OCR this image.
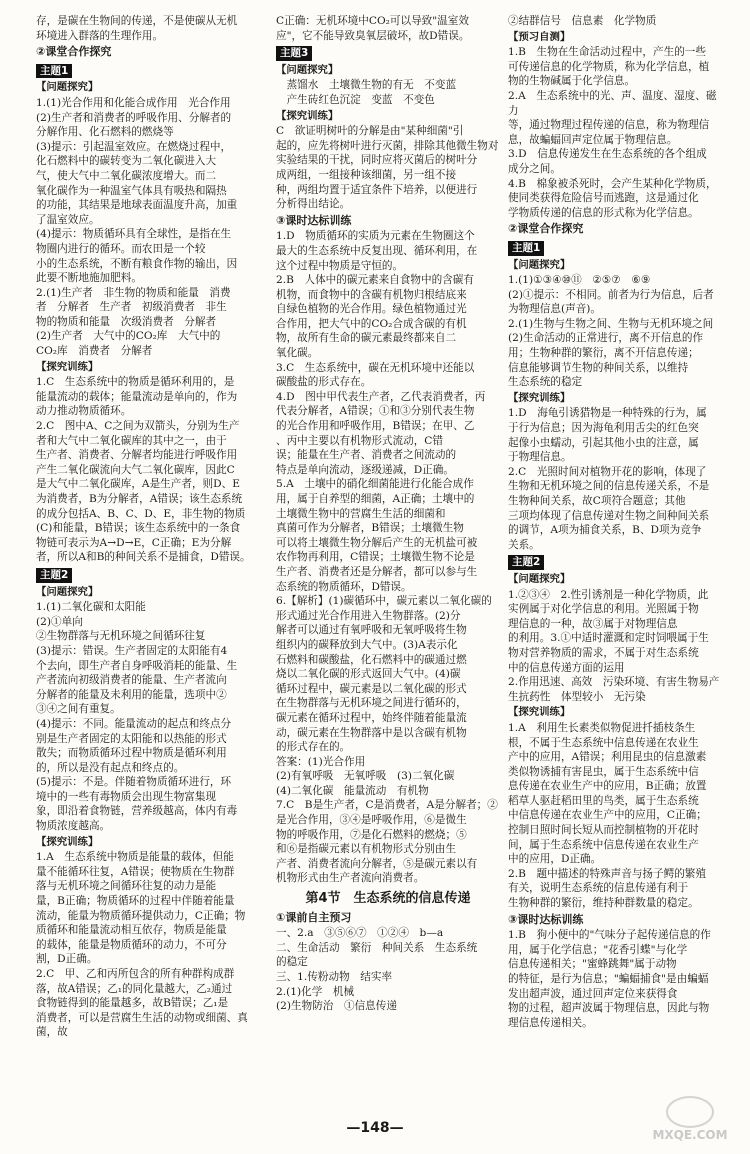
存，是碳在生物间的传递，不是使碳从无机
环境进入群落的生理作用。
②课堂合作探究
主题1
【问题探究】
1.(1)光合作用和化能合成作用　光合作用
(2)生产者和消费者的呼吸作用、分解者的
分解作用、化石燃料的燃烧等
(3)提示：引起温室效应。在燃烧过程中，
化石燃料中的碳转变为二氧化碳进入大
气，使大气中二氧化碳浓度增大。而二
氧化碳作为一种温室气体具有吸热和隔热
的功能，其结果是地球表面温度升高，加重
了温室效应。
(4)提示：物质循环具有全球性，是指在生
物圈内进行的循环。而农田是一个较
小的生态系统，不断有粮食作物的输出，因
此要不断地施加肥料。
2.(1)生产者　非生物的物质和能量　消费
者　分解者　生产者　初级消费者　非生
物的物质和能量　次级消费者　分解者
(2)生产者　大气中的CO₂库　大气中的
CO₂库　消费者　分解者
【探究训练】
1.C　生态系统中的物质是循环利用的，是
能量流动的载体；能量流动是单向的，作为
动力推动物质循环。
2.C　图中A、C之间为双箭头，分别为生产
者和大气中二氧化碳库的其中之一，由于
生产者、消费者、分解者均能进行呼吸作用
产生二氧化碳流向大气二氧化碳库，因此C
是大气中二氧化碳库，A是生产者，则D、E
为消费者，B为分解者，A错误；该生态系统
的成分包括A、B、C、D、E，非生物的物质
(C)和能量，B错误；该生态系统中的一条食
物链可表示为A→D→E，C正确；E为分解
者，所以A和B的种间关系不是捕食，D错误。
主题2
【问题探究】
1.(1)二氧化碳和太阳能
(2)①单向
②生物群落与无机环境之间循环往复
(3)提示：错误。生产者固定的太阳能有4
个去向，即生产者自身呼吸消耗的能量、生
产者流向初级消费者的能量、生产者流向
分解者的能量及未利用的能量，选项中②
③④之间有重复。
(4)提示：不同。能量流动的起点和终点分
别是生产者固定的太阳能和以热能的形式
散失；而物质循环过程中物质是循环利用
的，所以是没有起点和终点的。
(5)提示：不是。伴随着物质循环进行，环
境中的一些有毒物质会出现生物富集现
象，即沿着食物链，营养级越高，体内有毒
物质浓度越高。
【探究训练】
1.A　生态系统中物质是能量的载体，但能
量不能循环往复，A错误；使物质在生物群
落与无机环境之间循环往复的动力是能
量，B正确；物质循环的过程中伴随着能量
流动，能量为物质循环提供动力，C正确；物
质循环和能量流动相互依存，物质是能量
的载体，能量是物质循环的动力，不可分
割，D正确。
2.C　甲、乙和丙所包含的所有种群构成群
落，故A错误；乙₁的同化量越大，乙₂通过
食物链得到的能量越多，故B错误；乙₁是
消费者，可以是营腐生生活的动物或细菌、真菌，故
C正确：无机环境中CO₂可以导致"温室效
应"，它不能导致臭氧层破坏，故D错误。
主题3
【问题探究】
　蒸馏水　土壤微生物的有无　不变蓝
　产生砖红色沉淀　变蓝　不变色
【探究训练】
C　欲证明树叶的分解是由"某种细菌"引
起的，应先将树叶进行灭菌，排除其他微生物对
实验结果的干扰，同时应将灭菌后的树叶分
成两组，一组接种该细菌，另一组不接
种，两组均置于适宜条件下培养，以便进行
分析得出结论。
③课时达标训练
1.D　物质循环的实质为元素在生物圈这个
最大的生态系统中反复出现、循环利用，在
这个过程中物质是守恒的。
2.B　人体中的碳元素来自食物中的含碳有
机物，而食物中的含碳有机物归根结底来
自绿色植物的光合作用。绿色植物通过光
合作用，把大气中的CO₂合成含碳的有机
物，故所有生命的碳元素最终都来自二
氧化碳。
3.C　生态系统中，碳在无机环境中还能以
碳酸盐的形式存在。
4.D　图中甲代表生产者，乙代表消费者，丙
代表分解者，A错误；①和③分别代表生物
的光合作用和呼吸作用，B错误；在甲、乙
、丙中主要以有机物形式流动，C错
误；能量在生产者、消费者之间流动的
特点是单向流动，逐级递减，D正确。
5.A　土壤中的硝化细菌能进行化能合成作
用，属于自养型的细菌，A正确；土壤中的
土壤微生物中的营腐生生活的细菌和
真菌可作为分解者，B错误；土壤微生物
可以将土壤微生物分解后产生的无机盐可被
农作物再利用，C错误；土壤微生物不论是
生产者、消费者还是分解者，都可以参与生
态系统的物质循环，D错误。
6.【解析】(1)碳循环中，碳元素以二氧化碳的
形式通过光合作用进入生物群落。(2)分
解者可以通过有氧呼吸和无氧呼吸将生物
组织内的碳释放到大气中。(3)A表示化
石燃料和碳酸盐，化石燃料中的碳通过燃
烧以二氧化碳的形式返回大气中。(4)碳
循环过程中，碳元素是以二氧化碳的形式
在生物群落与无机环境之间进行循环的，
碳元素在循环过程中，始终伴随着能量流
动，碳元素在生物群落中是以含碳有机物
的形式存在的。
答案：(1)光合作用
(2)有氧呼吸　无氧呼吸　(3)二氧化碳
(4)二氧化碳　能量流动　有机物
7.C　B是生产者，C是消费者，A是分解者；②
是光合作用，③④是呼吸作用，⑥是微生
物的呼吸作用，⑦是化石燃料的燃烧；⑤
和⑥是指碳元素以有机物形式分别由生
产者、消费者流向分解者，⑤是碳元素以有
机物形式由生产者流向消费者。
第4节　生态系统的信息传递
①课前自主预习
一、2.a　③⑤⑥⑦　①②④　b—a
二、生命活动　繁衍　种间关系　生态系统
的稳定
三、1.传粉动物　结实率
2.(1)化学　机械
(2)生物防治　①信息传递
②结群信号　信息素　化学物质
【预习自测】
1.B　生物在生命活动过程中，产生的一些
可传递信息的化学物质，称为化学信息，植
物的生物碱属于化学信息。
2.A　生态系统中的光、声、温度、湿度、磁力
等，通过物理过程传递的信息，称为物理信
息，故蝙蝠回声定位属于物理信息。
3.D　信息传递发生在生态系统的各个组成
成分之间。
4.B　棉象被杀死时，会产生某种化学物质，
使同类获得危险信号而逃跑，这是通过化
学物质传递的信息的形式称为化学信息。
②课堂合作探究
主题1
【问题探究】
1.(1)①③④⑩⑪　②⑤⑦　⑥⑨
(2)①提示：不相同。前者为行为信息，后者
为物理信息(声音)。
2.(1)生物与生物之间、生物与无机环境之间
(2)生命活动的正常进行，离不开信息的作
用；生物种群的繁衍，离不开信息传递；
信息能够调节生物的种间关系，以维持
生态系统的稳定
【探究训练】
1.D　海龟引诱猎物是一种特殊的行为，属
于行为信息；因为海龟利用舌尖的红色突
起像小虫蠕动，引起其他小虫的注意，属
于物理信息。
2.C　光照时间对植物开花的影响，体现了
生物和无机环境之间的信息传递关系，不是
生物种间关系，故C项符合题意；其他
三项均体现了信息传递对生物之间种间关系
的调节，A项为捕食关系，B、D项为竞争
关系。
主题2
【问题探究】
1.②③④　2.性引诱剂是一种化学物质，此
实例属于对化学信息的利用。光照属于物
理信息的一种，故③属于对物理信息
的利用。3.①中适时灌溉和定时饲喂属于生
物对营养物质的需求，不属于对生态系统
中的信息传递方面的运用
2.作用迅速、高效　污染环境、有害生物易产
生抗药性　体型较小　无污染
【探究训练】
1.A　利用生长素类似物促进扦插枝条生
根，不属于生态系统中信息传递在农业生
产中的应用，A错误；利用昆虫的信息激素
类似物诱捕有害昆虫，属于生态系统中信
息传递在农业生产中的应用，B正确；放置
稻草人驱赶稻田里的鸟类，属于生态系统
中信息传递在农业生产中的应用，C正确；
控制日照时间长短从而控制植物的开花时
间，属于生态系统中信息传递在农业生产
中的应用，D正确。
2.B　题中描述的特殊声音与扬子鳄的繁殖
有关，说明生态系统的信息传递有利于
生物种群的繁衍，维持种群数量的稳定。
③课时达标训练
1.B　狗小便中的"气味分子起传递信息的作
用，属于化学信息；"花香引蝶"与化学
信息传递相关；"蜜蜂跳舞"属于动物
的特征，是行为信息；"蝙蝠捕食"是由蝙蝠
发出超声波，通过回声定位来获得食
物的过程，超声波属于物理信息，因此与物
理信息传递相关。
—148—	MXQE.COM
